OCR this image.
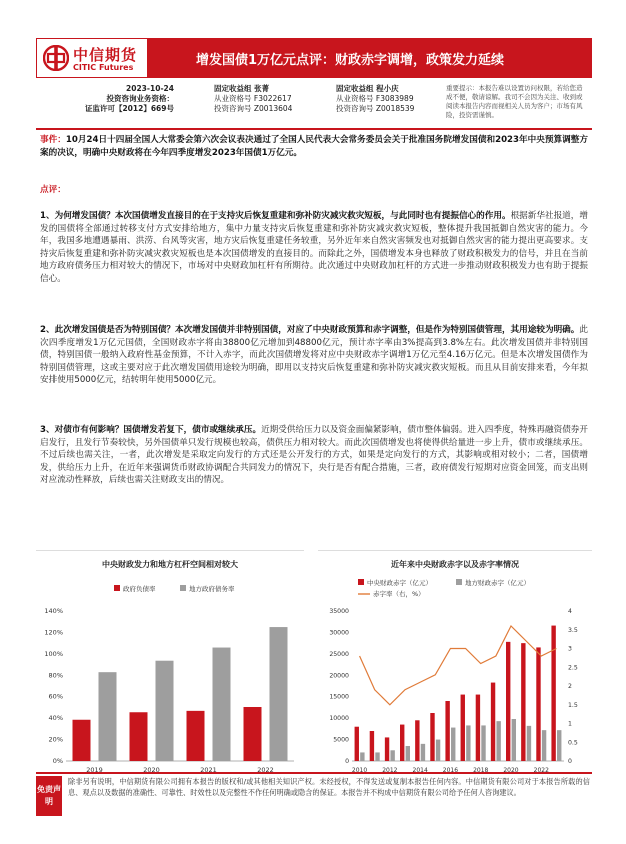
中信期货
CITIC Futures	增发国债1万亿元点评：财政赤字调增，政策发力延续
2023-10-24
投资咨询业务资格：
证监许可【2012】669号
固定收益组 张菁
从业资格号 F3022617
投资咨询号 Z0013604
固定收益组 程小庆
从业资格号 F3083989
投资咨询号 Z0018539
重要提示：本报告难以设置访问权限，若给您造成不便，敬请谅解。我司不会因为关注、收到或阅读本报告内容而视相关人员为客户；市场有风险，投资需谨慎。
事件：10月24日十四届全国人大常委会第六次会议表决通过了全国人民代表大会常务委员会关于批准国务院增发国债和2023年中央预算调整方案的决议，明确中央财政将在今年四季度增发2023年国债1万亿元。
点评：
1、为何增发国债？本次国债增发直接目的在于支持灾后恢复重建和弥补防灾减灾救灾短板，与此同时也有提振信心的作用。根据新华社报道，增发的国债将全部通过转移支付方式安排给地方，集中力量支持灾后恢复重建和弥补防灾减灾救灾短板，整体提升我国抵御自然灾害的能力。今年，我国多地遭遇暴雨、洪涝、台风等灾害，地方灾后恢复重建任务较重，另外近年来自然灾害频发也对抵御自然灾害的能力提出更高要求。支持灾后恢复重建和弥补防灾减灾救灾短板也是本次国债增发的直接目的。而除此之外，国债增发本身也释放了财政积极发力的信号，并且在当前地方政府债务压力相对较大的情况下，市场对中央财政加杠杆有所期待。此次通过中央财政加杠杆的方式进一步推动财政积极发力也有助于提振信心。
2、此次增发国债是否为特别国债？本次增发国债并非特别国债，对应了中央财政预算和赤字调整，但是作为特别国债管理，其用途较为明确。此次四季度增发1万亿元国债，全国财政赤字将由38800亿元增加到48800亿元，预计赤字率由3%提高到3.8%左右。此次增发国债并非特别国债，特别国债一般纳入政府性基金预算，不计入赤字，而此次国债增发将对应中央财政赤字调增1万亿元至4.16万亿元。但是本次增发国债作为特别国债管理，这或主要对应于此次增发国债用途较为明确，即用以支持灾后恢复重建和弥补防灾减灾救灾短板。而且从目前安排来看，今年拟安排使用5000亿元，结转明年使用5000亿元。
3、对债市有何影响？国债增发若复下，债市或继续承压。近期受供给压力以及资金面偏紧影响，债市整体偏弱。进入四季度，特殊再融资债券开启发行，且发行节奏较快，另外国债单只发行规模也较高，债供压力相对较大。而此次国债增发也将使得供给量进一步上升，债市或继续承压。不过后续也需关注，一者，此次增发是采取定向发行的方式还是公开发行的方式，如果是定向发行的方式，其影响或相对较小；二者，国债增发，供给压力上升，在近年来强调货币财政协调配合共同发力的情况下，央行是否有配合措施，三者，政府债发行短期对应资金回笼，而支出则对应流动性释放，后续也需关注财政支出的情况。
中央财政发力和地方杠杆空间相对较大
政府负债率	地方政府债务率
0%
20%
40%
60%
80%
100%
120%
140%
2019	2020	2021	2022
近年来中央财政赤字以及赤字率情况
中央财政赤字（亿元）	地方财政赤字（亿元）
赤字率（右，%）
0
5000
10000
15000
20000
25000
30000
35000
0
0.5
1
1.5
2
2.5
3
3.5
4
2010	2012	2014	2016	2018	2020	2022
免责声明
除非另有说明，中信期货有限公司拥有本报告的版权和/或其他相关知识产权。未经授权，不得发送或复制本报告任何内容。中信期货有限公司对于本报告所载的信息、观点以及数据的准确性、可靠性、时效性以及完整性不作任何明确或隐含的保证。本报告并不构成中信期货有限公司给予任何人咨询建议。
